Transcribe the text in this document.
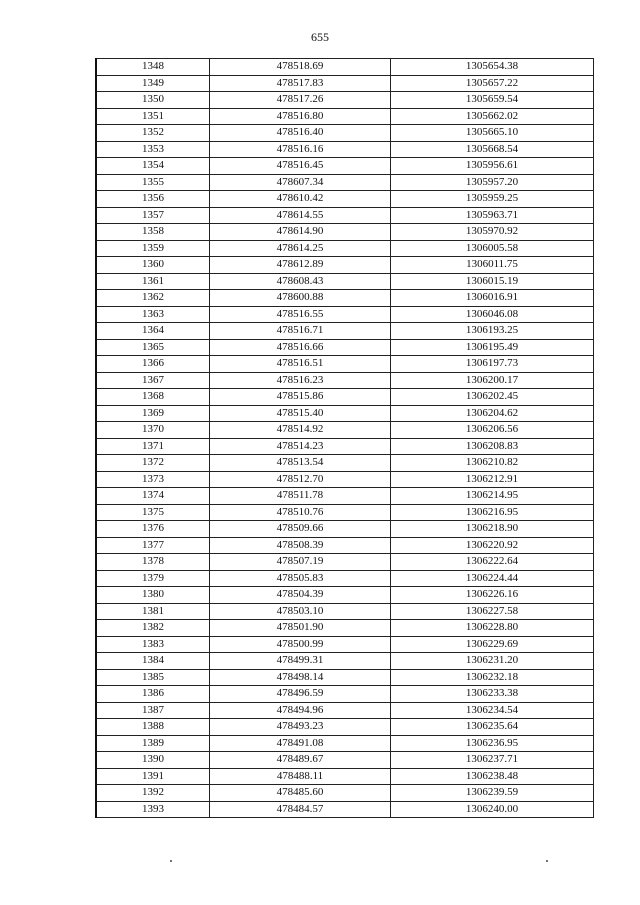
655
1348	478518.69	1305654.38
1349	478517.83	1305657.22
1350	478517.26	1305659.54
1351	478516.80	1305662.02
1352	478516.40	1305665.10
1353	478516.16	1305668.54
1354	478516.45	1305956.61
1355	478607.34	1305957.20
1356	478610.42	1305959.25
1357	478614.55	1305963.71
1358	478614.90	1305970.92
1359	478614.25	1306005.58
1360	478612.89	1306011.75
1361	478608.43	1306015.19
1362	478600.88	1306016.91
1363	478516.55	1306046.08
1364	478516.71	1306193.25
1365	478516.66	1306195.49
1366	478516.51	1306197.73
1367	478516.23	1306200.17
1368	478515.86	1306202.45
1369	478515.40	1306204.62
1370	478514.92	1306206.56
1371	478514.23	1306208.83
1372	478513.54	1306210.82
1373	478512.70	1306212.91
1374	478511.78	1306214.95
1375	478510.76	1306216.95
1376	478509.66	1306218.90
1377	478508.39	1306220.92
1378	478507.19	1306222.64
1379	478505.83	1306224.44
1380	478504.39	1306226.16
1381	478503.10	1306227.58
1382	478501.90	1306228.80
1383	478500.99	1306229.69
1384	478499.31	1306231.20
1385	478498.14	1306232.18
1386	478496.59	1306233.38
1387	478494.96	1306234.54
1388	478493.23	1306235.64
1389	478491.08	1306236.95
1390	478489.67	1306237.71
1391	478488.11	1306238.48
1392	478485.60	1306239.59
1393	478484.57	1306240.00
